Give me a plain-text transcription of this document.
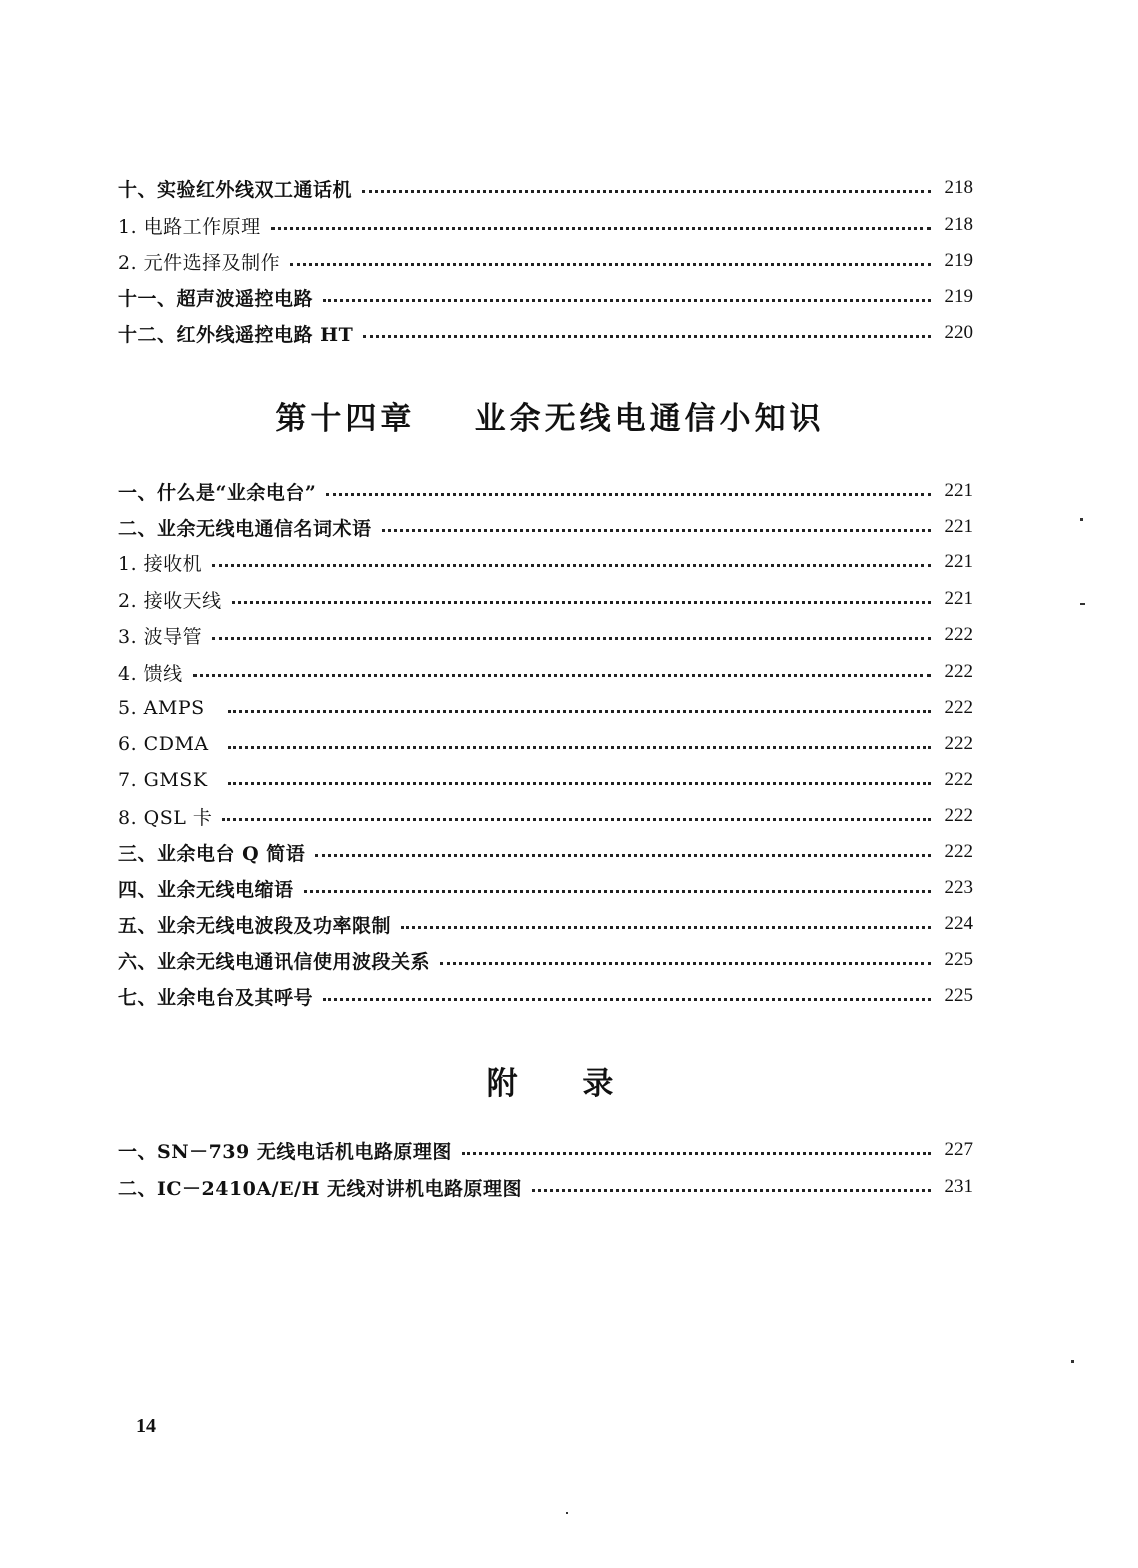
十、实验红外线双工通话机	218
1. 电路工作原理	218
2. 元件选择及制作	219
十一、超声波遥控电路	219
十二、红外线遥控电路 HT	220
第十四章    业余无线电通信小知识
一、什么是“业余电台”	221
二、业余无线电通信名词术语	221
1. 接收机	221
2. 接收天线	221
3. 波导管	222
4. 馈线	222
5. AMPS	222
6. CDMA	222
7. GMSK	222
8. QSL 卡	222
三、业余电台 Q 简语	222
四、业余无线电缩语	223
五、业余无线电波段及功率限制	224
六、业余无线电通讯信使用波段关系	225
七、业余电台及其呼号	225
附      录
一、SN－739 无线电话机电路原理图	227
二、IC－2410A/E/H 无线对讲机电路原理图	231
14
